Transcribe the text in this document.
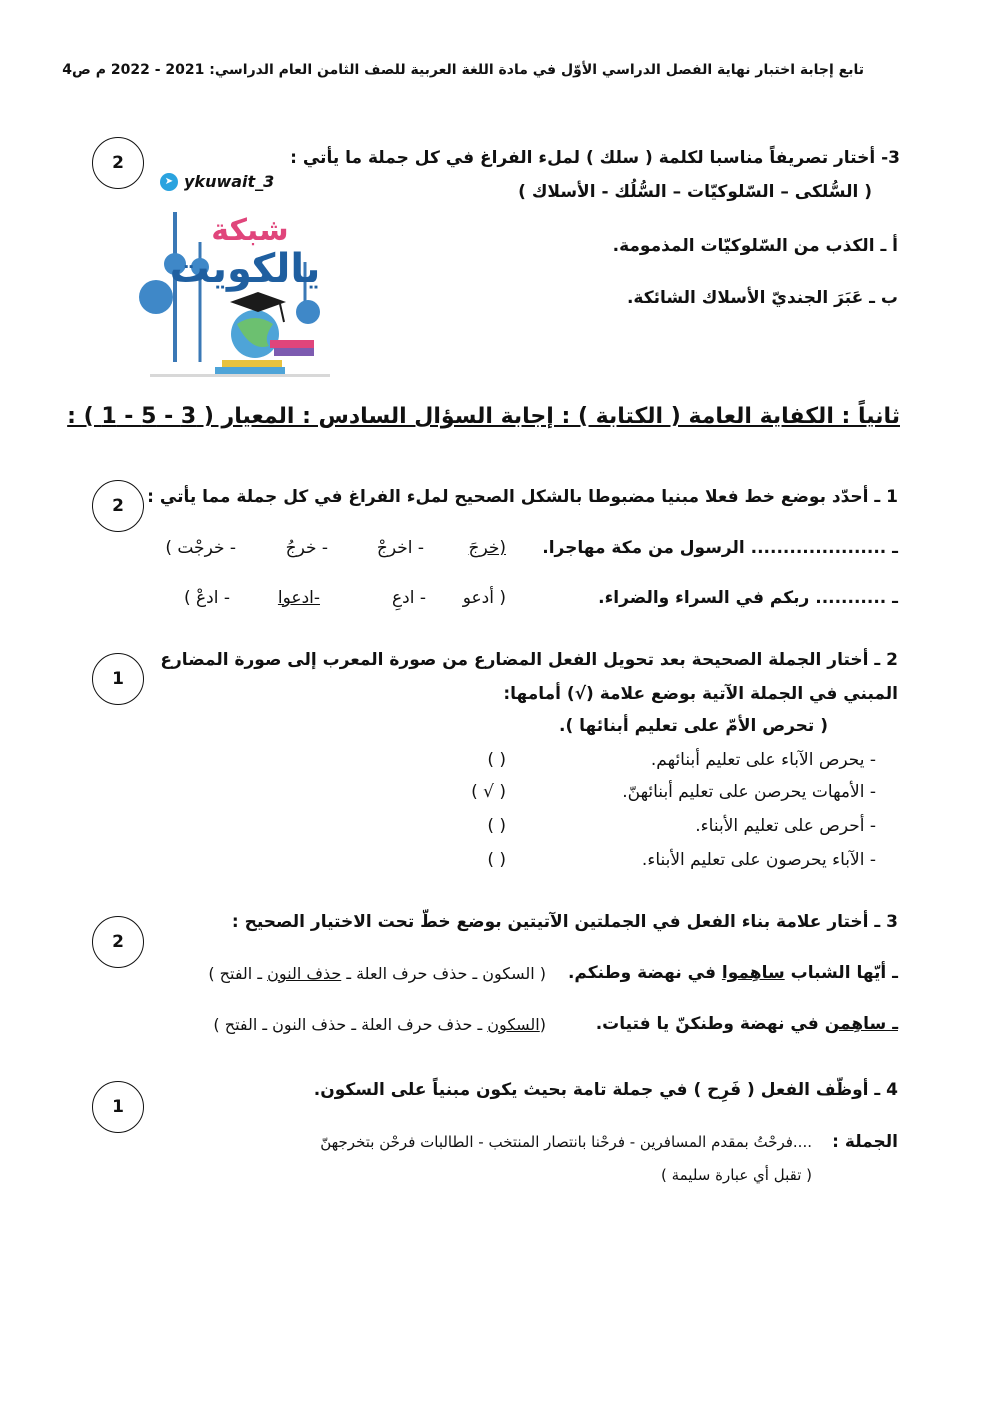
تابع إجابة اختبار نهاية الفصل الدراسي الأوّل في مادة اللغة العربية للصف الثامن العام الدراسي: 2021 - 2022 م ص4
2	3- أختار تصريفاً مناسبا لكلمة ( سلك ) لملء الفراغ في كل جملة ما يأتي :
( السُّلكى – السّلوكيّات – السُّلُك - الأسلاك )
أ ـ الكذب من السّلوكيّات المذمومة.
ب ـ عَبَرَ الجنديّ الأسلاك الشائكة.
➤ ykuwait_3
شبكة
يالكويت
ثانياً : الكفاية العامة ( الكتابة ) : إجابة السؤال السادس : المعيار ( 3 - 5 - 1 ) :
2 1 ـ أحدّد بوضع خط فعلا مبنيا مضبوطا بالشكل الصحيح لملء الفراغ في كل جملة مما يأتي :
ـ ..................... الرسول من مكة مهاجرا.
(خرجَ
- اخرجْ
- خرجُ
- خرجْت )
ـ ........... ربكم في السراء والضراء.
( أدعو
- ادعِ
-ادعوا
- ادعْ )
1
2 ـ أختار الجملة الصحيحة بعد تحويل الفعل المضارع من صورة المعرب إلى صورة المضارع
المبني في الجملة الآتية بوضع علامة (√) أمامها:
( تحرص الأمّ على تعليم أبنائها ).
- يحرص الآباء على تعليم أبنائهم.
( )
- الأمهات يحرصن على تعليم أبنائهنّ.
( √ )
- أحرص على تعليم الأبناء.
( )
- الآباء يحرصون على تعليم الأبناء.
( )
2
3 ـ أختار علامة بناء الفعل في الجملتين الآتيتين بوضع خطّ تحت الاختيار الصحيح :
ـ أيّها الشباب ساهِموا في نهضة وطنكم.
( السكون ـ حذف حرف العلة ـ حذف النون ـ الفتح )
ـ ساهِمن في نهضة وطنكنّ يا فتيات.
(السكون ـ حذف حرف العلة ـ حذف النون ـ الفتح )
1
4 ـ أوظّف الفعل ( فَرِح ) في جملة تامة بحيث يكون مبنياً على السكون.
الجملة :
....فرحْتُ بمقدم المسافرين - فرحْنا بانتصار المنتخب - الطالبات فرحْن بتخرجهنّ
( تقبل أي عبارة سليمة )
